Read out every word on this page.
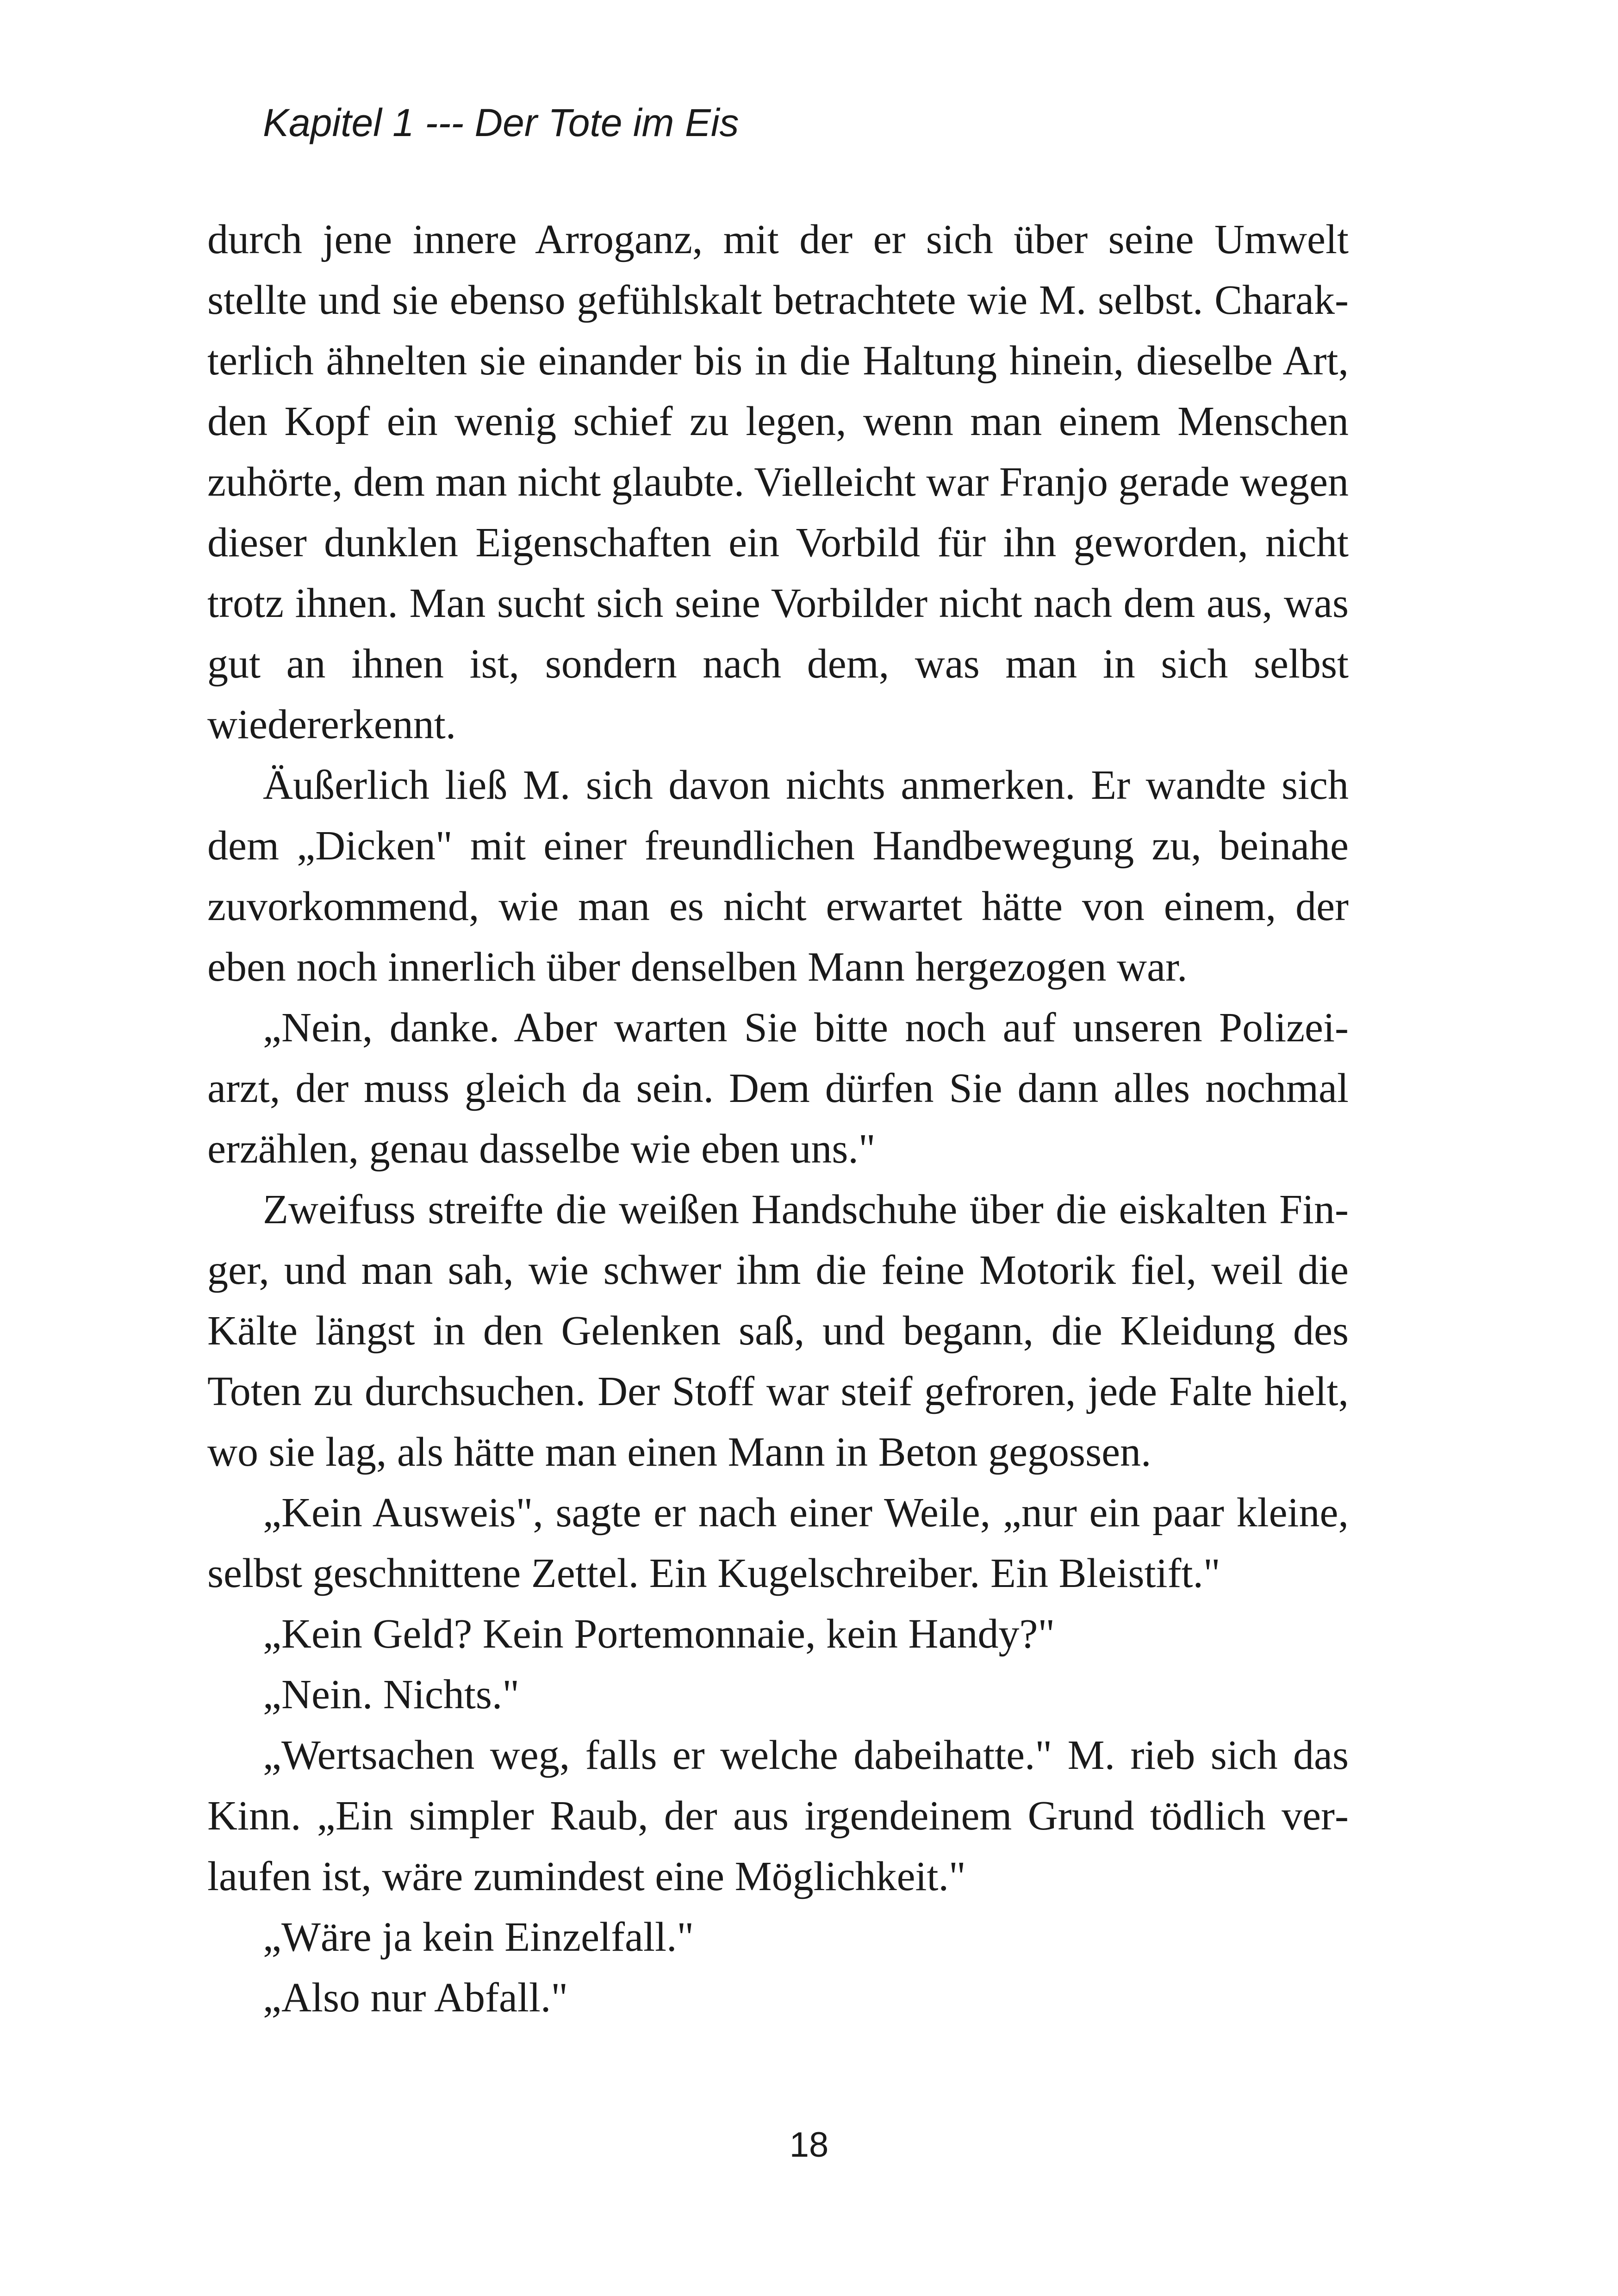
Kapitel 1 --- Der Tote im Eis

durch jene innere Arroganz, mit der er sich über seine Umwelt stellte und sie ebenso gefühlskalt betrachtete wie M. selbst. Charakterlich ähnelten sie einander bis in die Haltung hinein, dieselbe Art, den Kopf ein wenig schief zu legen, wenn man einem Menschen zuhörte, dem man nicht glaubte. Vielleicht war Franjo gerade wegen dieser dunklen Eigenschaften ein Vorbild für ihn geworden, nicht trotz ihnen. Man sucht sich seine Vorbilder nicht nach dem aus, was gut an ihnen ist, sondern nach dem, was man in sich selbst wiedererkennt.

Äußerlich ließ M. sich davon nichts anmerken. Er wandte sich dem „Dicken" mit einer freundlichen Handbewegung zu, beinahe zuvorkommend, wie man es nicht erwartet hätte von einem, der eben noch innerlich über denselben Mann hergezogen war.

„Nein, danke. Aber warten Sie bitte noch auf unseren Polizeiarzt, der muss gleich da sein. Dem dürfen Sie dann alles nochmal erzählen, genau dasselbe wie eben uns."

Zweifuss streifte die weißen Handschuhe über die eiskalten Finger, und man sah, wie schwer ihm die feine Motorik fiel, weil die Kälte längst in den Gelenken saß, und begann, die Kleidung des Toten zu durchsuchen. Der Stoff war steif gefroren, jede Falte hielt, wo sie lag, als hätte man einen Mann in Beton gegossen.

„Kein Ausweis", sagte er nach einer Weile, „nur ein paar kleine, selbst geschnittene Zettel. Ein Kugelschreiber. Ein Bleistift."

„Kein Geld? Kein Portemonnaie, kein Handy?"

„Nein. Nichts."

„Wertsachen weg, falls er welche dabeihatte." M. rieb sich das Kinn. „Ein simpler Raub, der aus irgendeinem Grund tödlich verlaufen ist, wäre zumindest eine Möglichkeit."

„Wäre ja kein Einzelfall."

„Also nur Abfall."

18
